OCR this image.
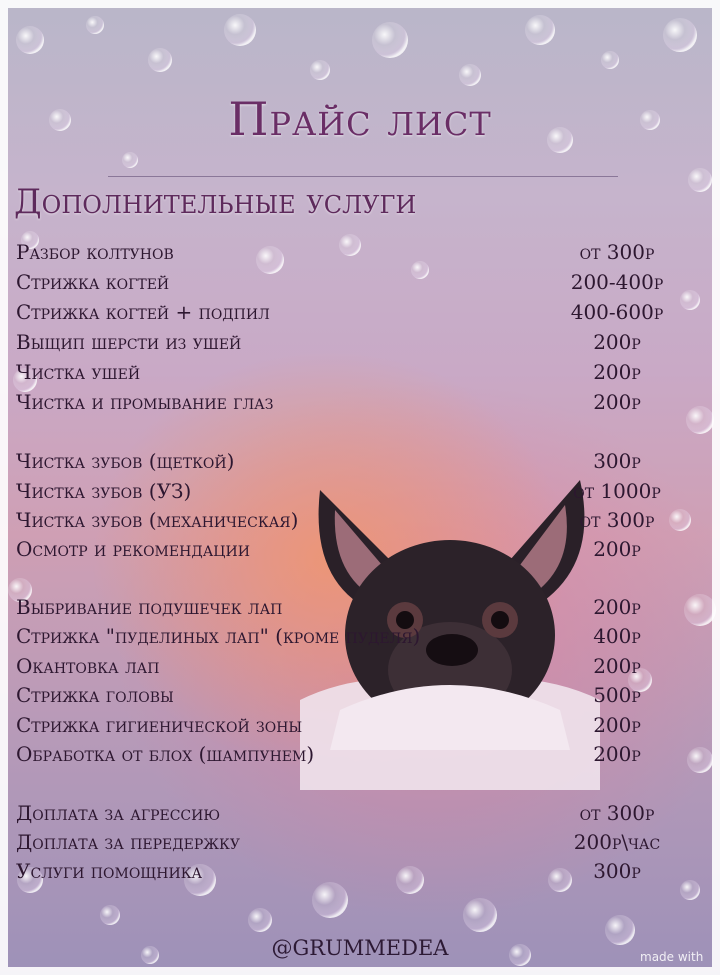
Прайс лист
Дополнительные услуги
Разбор колтунов	от 300р
Стрижка когтей	200-400р
Стрижка когтей + подпил	400-600р
Выщип шерсти из ушей	200р
Чистка ушей	200р
Чистка и промывание глаз	200р
Чистка зубов (щеткой)	300р
Чистка зубов (УЗ)	от 1000р
Чистка зубов (механическая)	от 300р
Осмотр и рекомендации	200р
Выбривание подушечек лап	200р
Стрижка "пуделиных лап" (кроме пуделя)	400р
Окантовка лап	200р
Стрижка головы	500р
Стрижка гигиенической зоны	200р
Обработка от блох (шампунем)	200р
Доплата за агрессию	от 300р
Доплата за передержку	200р\час
Услуги помощника	300р
@GRUMMEDEA	made with
